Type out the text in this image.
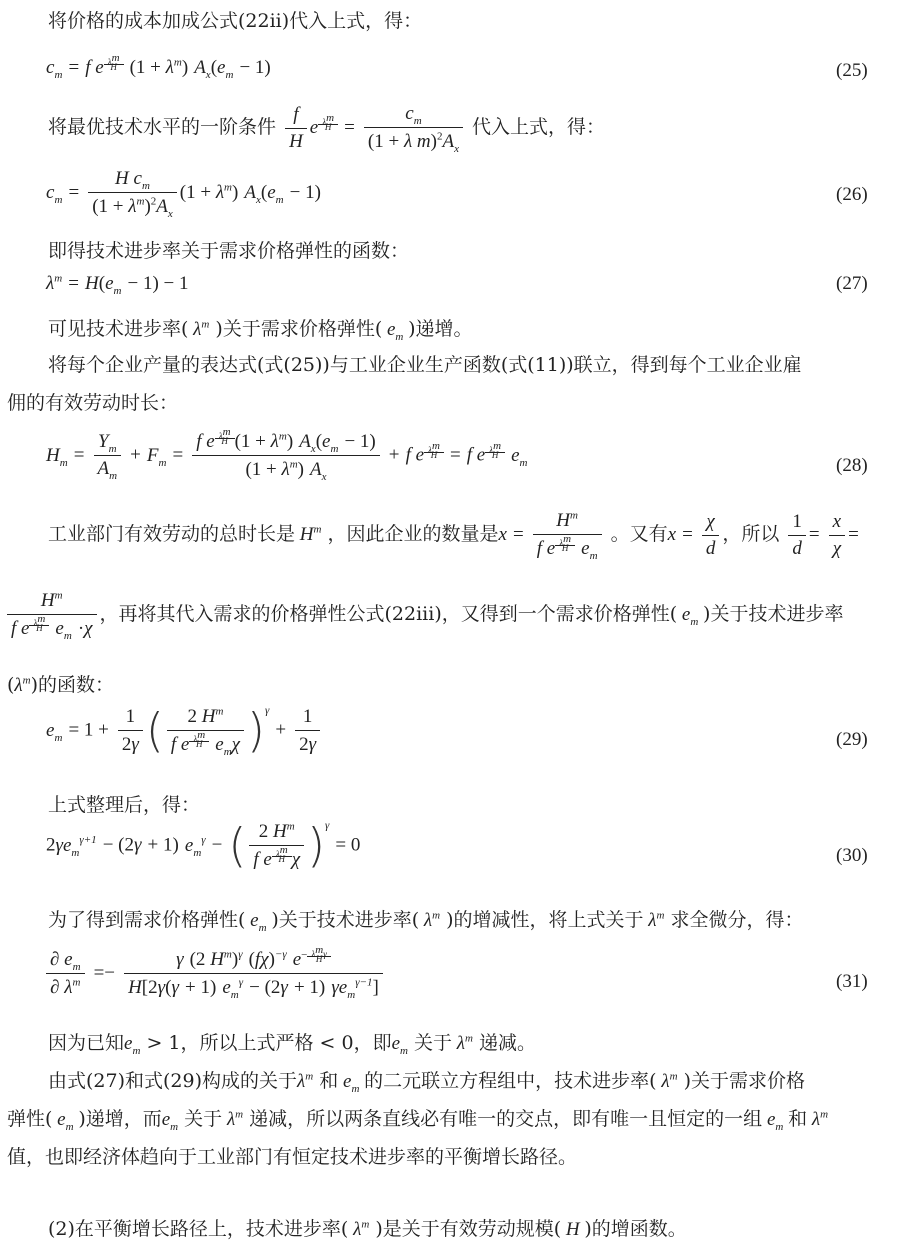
将价格的成本加成公式(22ii)代入上式，得：
$c_m = f$ e $^{\frac{\lambda^m}{H}}$ $(1 + \lambda^m)$ $A_x(e_m - 1)$	(25)
将最优技术水平的一阶条件 $\frac{f}{H}$ e $^{\frac{\lambda^m}{H}} = \frac{c_m}{(1 + \lambda m)^2A_x}$ 代入上式，得：
$c_m = \frac{H c_m}{(1 + \lambda^m)^2A_x} (1 + \lambda^m) A_x(e_m - 1)$	(26)
即得技术进步率关于需求价格弹性的函数：
$\lambda^m = H(e_m - 1) - 1$	(27)
可见技术进步率( $\lambda^m$ )关于需求价格弹性( $e_m$ )递增。
将每个企业产量的表达式(式(25))与工业企业生产函数(式(11))联立，得到每个工业企业雇
佣的有效劳动时长：
$H_m = \frac{Y_m}{A_m} + F_m$ =
f e $^{\frac{\lambda^m}{H}}$ $(1 + \lambda^m)$ $A_x(e_m - 1)$
$(1 + \lambda^m)$ $A_x$
+ f e $^{\frac{\lambda^m}{H}}$ = f e $^{\frac{\lambda^m}{H}}$ $e_m$	(28)
工业部门有效劳动的总时长是 $H^m$ ，因此企业的数量是x =
$H^m$
f e $^{\frac{\lambda^m}{H}}$ $e_m$
。又有$x = \frac{\chi}{d}$ ，所以 $\frac{1}{d} = \frac{x}{\chi}$ =
$H^m$
f e $^{\frac{\lambda^m}{H}}$ $e_m \cdot\chi$
，再将其代入需求的价格弹性公式(22iii)，又得到一个需求价格弹性( $e_m$ )关于技术进步率
$(\lambda^m)$的函数：
$e_m = 1 + \frac{1}{2\gamma}$ (	2 $H^m$
f e $^{\frac{\lambda^m}{H}}$ $e_m\chi$ )$^\gamma + \frac{1}{2\gamma}$	(29)
上式整理后，得：
$2\gamma e_m^{\gamma+1} - (2\gamma + 1) e_m^\gamma$ − ( 2 $H^m$
f e $^{\frac{\lambda^m}{H}}$ χ )$^\gamma$ = 0	(30)
为了得到需求价格弹性( $e_m$ )关于技术进步率( $\lambda^m$ )的增减性，将上式关于 $\lambda^m$ 求全微分，得：
$\frac{\partial e_m}{\partial \lambda^m}$ =−
γ (2 $H^m)^\gamma$ $(f\chi)^{-\gamma}$ $e^{- \lambda^m\gamma H}$
H[2γ(γ + 1) $e_m^\gamma - (2\gamma + 1)$ $\gamma e_m^{\gamma-1}$]	(31)
因为已知$e_m > 1$，所以上式严格 < 0，即$e_m$ 关于 $\lambda^m$ 递减。
由式(27)和式(29)构成的关于$\lambda^m$ 和 $e_m$ 的二元联立方程组中，技术进步率( $\lambda^m$ )关于需求价格
弹性( $e_m$ )递增，而$e_m$ 关于 $\lambda^m$ 递减，所以两条直线必有唯一的交点，即有唯一且恒定的一组 $e_m$ 和 $\lambda^m$
值，也即经济体趋向于工业部门有恒定技术进步率的平衡增长路径。
(2)在平衡增长路径上，技术进步率( $\lambda^m$ )是关于有效劳动规模( H )的增函数。
